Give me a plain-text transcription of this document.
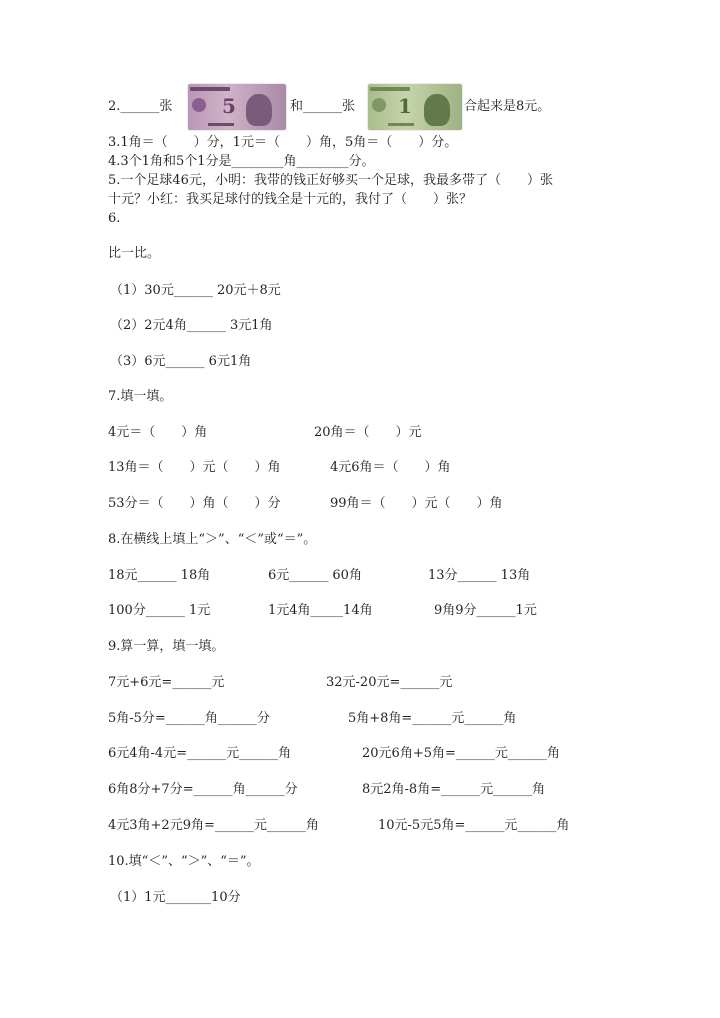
2.______张 5	和______张 1	合起来是8元。
3.1角＝（　　）分，1元＝（　　）角，5角＝（　　）分。
4.3个1角和5个1分是________角________分。
5.一个足球46元，小明：我带的钱正好够买一个足球，我最多带了（　　）张
十元？小红：我买足球付的钱全是十元的，我付了（　　）张？
6.
比一比。
（1）30元______ 20元＋8元
（2）2元4角______ 3元1角
（3）6元______ 6元1角
7.填一填。
4元＝（　　）角	20角＝（　　）元
13角＝（　　）元（　　）角	4元6角＝（　　）角
53分＝（　　）角（　　）分	99角＝（　　）元（　　）角
8.在横线上填上“＞”、“＜”或“＝”。
18元______ 18角	6元______ 60角	13分______ 13角
100分______ 1元	1元4角_____14角	9角9分______1元
9.算一算，填一填。
7元+6元=______元	32元-20元=______元
5角-5分=______角______分	5角+8角=______元______角
6元4角-4元=______元______角	20元6角+5角=______元______角
6角8分+7分=______角______分	8元2角-8角=______元______角
4元3角+2元9角=______元______角	10元-5元5角=______元______角
10.填“＜”、“＞”、“＝”。
（1）1元_______10分
